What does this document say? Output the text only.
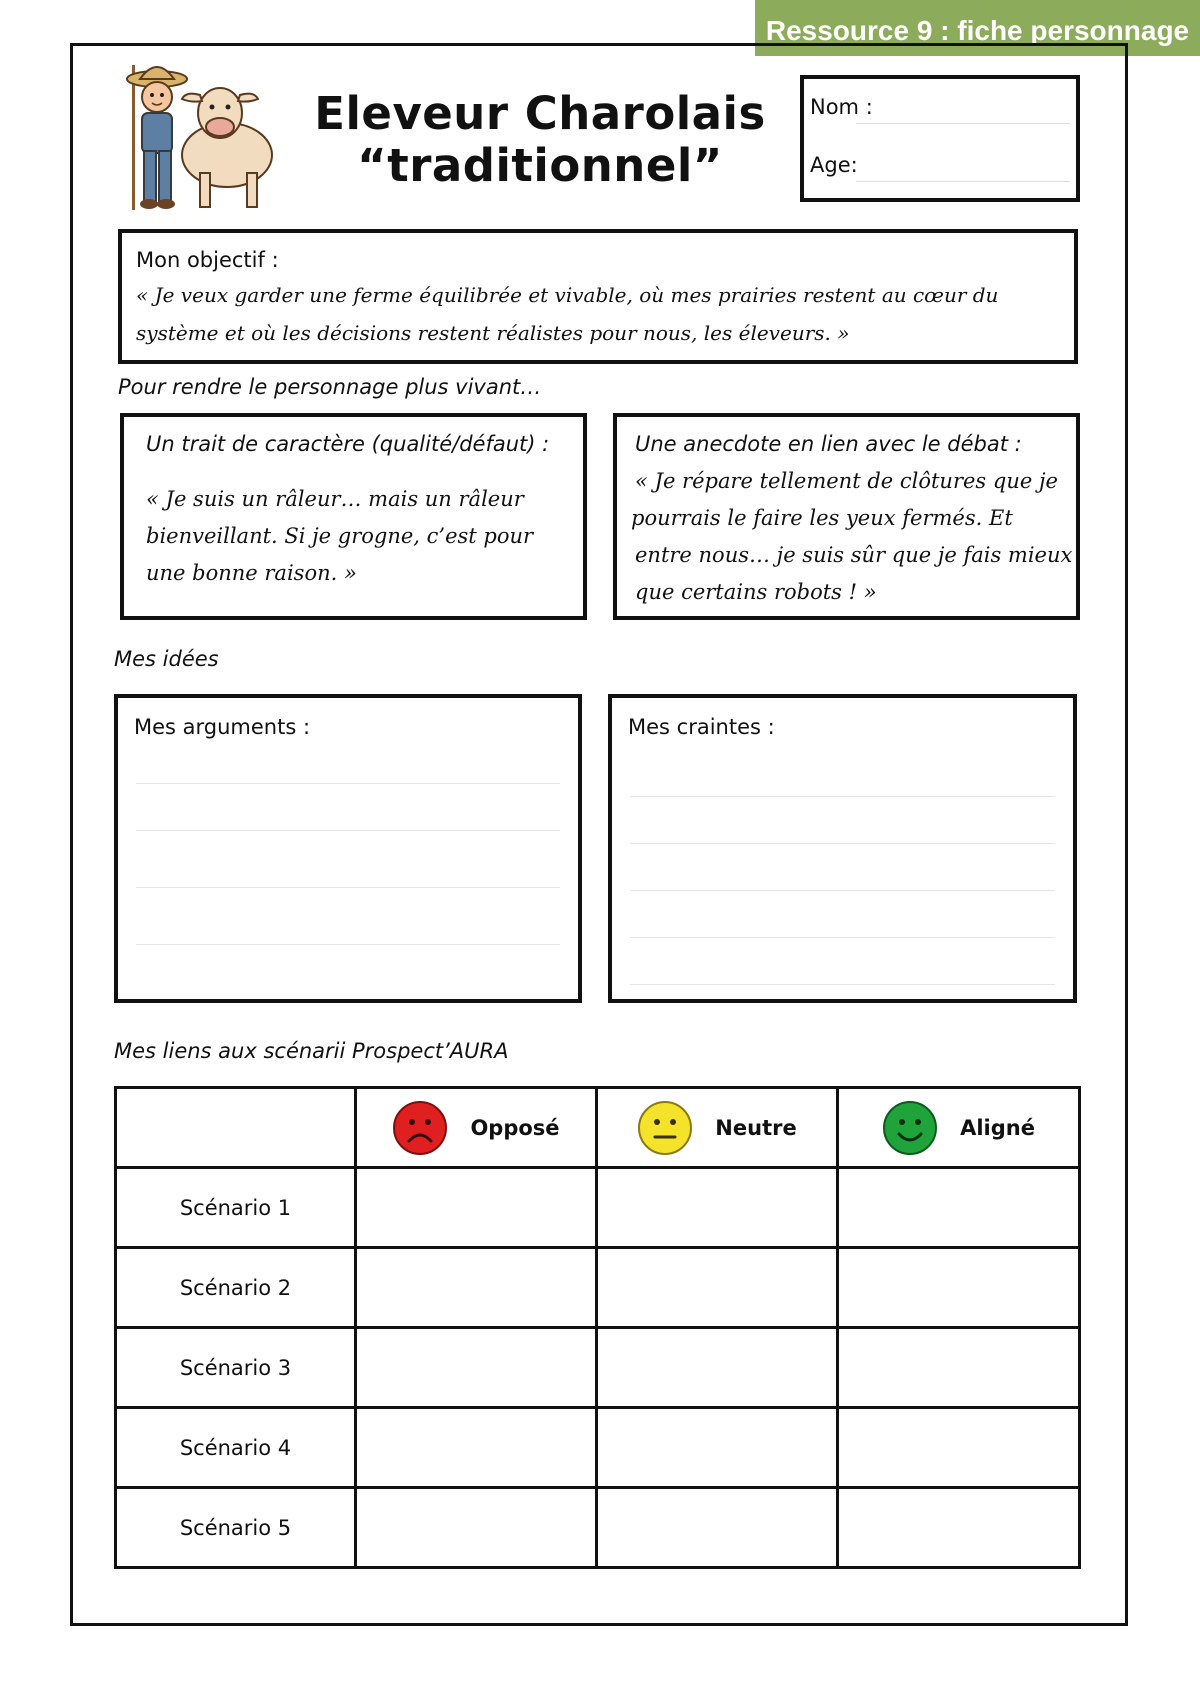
Ressource 9 : fiche personnage
Eleveur Charolais
“traditionnel”
Nom :
Age:
Mon objectif :
« Je veux garder une ferme équilibrée et vivable, où mes prairies restent au cœur du
système et où les décisions restent réalistes pour nous, les éleveurs. »
Pour rendre le personnage plus vivant…
Un trait de caractère (qualité/défaut) :
« Je suis un râleur… mais un râleur
bienveillant. Si je grogne, c’est pour
une bonne raison. »
Une anecdote en lien avec le débat :
« Je répare tellement de clôtures que je
pourrais le faire les yeux fermés. Et
entre nous… je suis sûr que je fais mieux
que certains robots ! »
Mes idées
Mes arguments :	Mes craintes :
Mes liens aux scénarii Prospect’AURA

	Opposé	Neutre	Aligné

Scénario 1			
Scénario 2			
Scénario 3			
Scénario 4			
Scénario 5			
